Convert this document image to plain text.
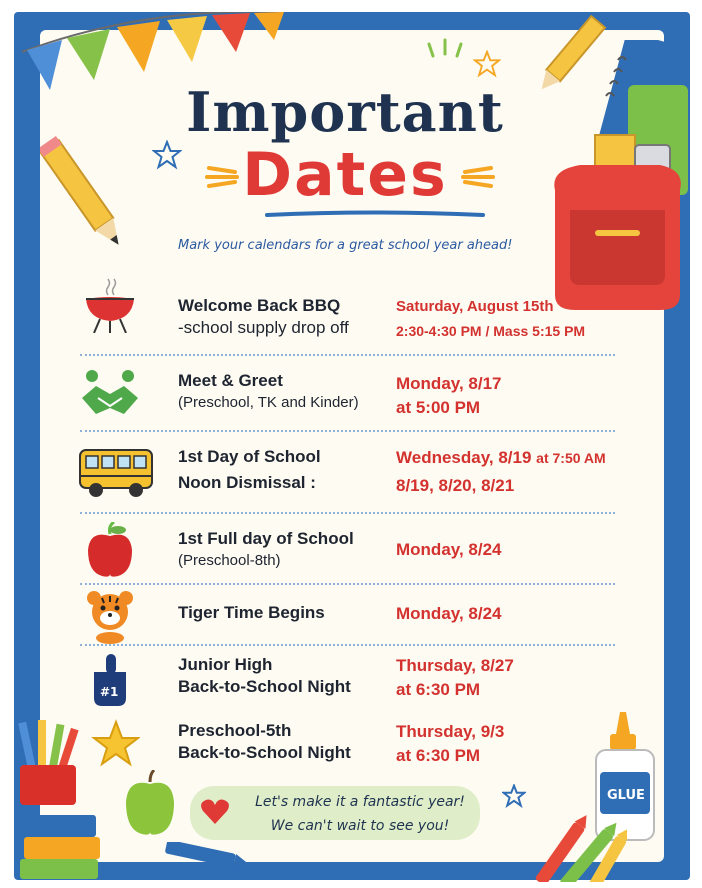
Important
Dates
Mark your calendars for a great school year ahead!
Welcome Back BBQ
-school supply drop off
Saturday, August 15th
2:30-4:30 PM / Mass 5:15 PM
Meet & Greet
(Preschool, TK and Kinder)
Monday, 8/17
at 5:00 PM
1st Day of School
Noon Dismissal :
Wednesday, 8/19 at 7:50 AM
8/19, 8/20, 8/21
1st Full day of School
(Preschool-8th)
Monday, 8/24
Tiger Time Begins	Monday, 8/24
#1
Junior High
Back-to-School Night
Thursday, 8/27
at 6:30 PM
Preschool-5th
Back-to-School Night
Thursday, 9/3
at 6:30 PM
Let's make it a fantastic year!
We can't wait to see you!
GLUE
